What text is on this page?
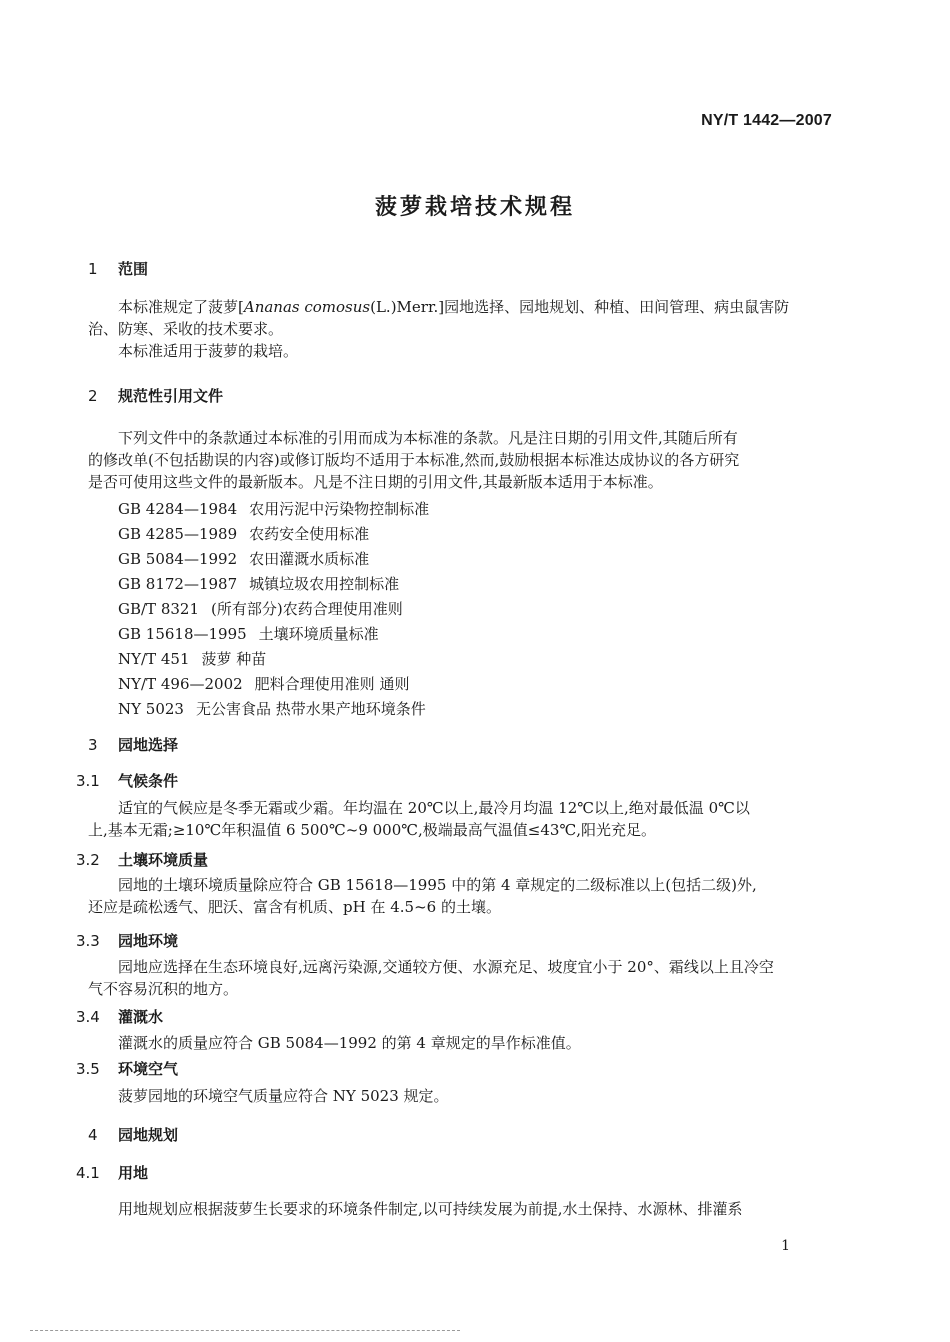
NY/T 1442—2007
菠萝栽培技术规程
1 范围
本标准规定了菠萝[Ananas comosus(L.)Merr.]园地选择、园地规划、种植、田间管理、病虫鼠害防
治、防寒、采收的技术要求。
本标准适用于菠萝的栽培。
2 规范性引用文件
下列文件中的条款通过本标准的引用而成为本标准的条款。凡是注日期的引用文件,其随后所有
的修改单(不包括勘误的内容)或修订版均不适用于本标准,然而,鼓励根据本标准达成协议的各方研究
是否可使用这些文件的最新版本。凡是不注日期的引用文件,其最新版本适用于本标准。
GB 4284—1984 农用污泥中污染物控制标准
GB 4285—1989 农药安全使用标准
GB 5084—1992 农田灌溉水质标准
GB 8172—1987 城镇垃圾农用控制标准
GB/T 8321 (所有部分)农药合理使用准则
GB 15618—1995 土壤环境质量标准
NY/T 451 菠萝 种苗
NY/T 496—2002 肥料合理使用准则 通则
NY 5023 无公害食品 热带水果产地环境条件
3 园地选择
3.1 气候条件
适宜的气候应是冬季无霜或少霜。年均温在 20℃以上,最冷月均温 12℃以上,绝对最低温 0℃以
上,基本无霜;≥10℃年积温值 6 500℃~9 000℃,极端最高气温值≤43℃,阳光充足。
3.2 土壤环境质量
园地的土壤环境质量除应符合 GB 15618—1995 中的第 4 章规定的二级标准以上(包括二级)外,
还应是疏松透气、肥沃、富含有机质、pH 在 4.5~6 的土壤。
3.3 园地环境
园地应选择在生态环境良好,远离污染源,交通较方便、水源充足、坡度宜小于 20°、霜线以上且冷空
气不容易沉积的地方。
3.4 灌溉水
灌溉水的质量应符合 GB 5084—1992 的第 4 章规定的旱作标准值。
3.5 环境空气
菠萝园地的环境空气质量应符合 NY 5023 规定。
4 园地规划
4.1 用地
用地规划应根据菠萝生长要求的环境条件制定,以可持续发展为前提,水土保持、水源林、排灌系
1
